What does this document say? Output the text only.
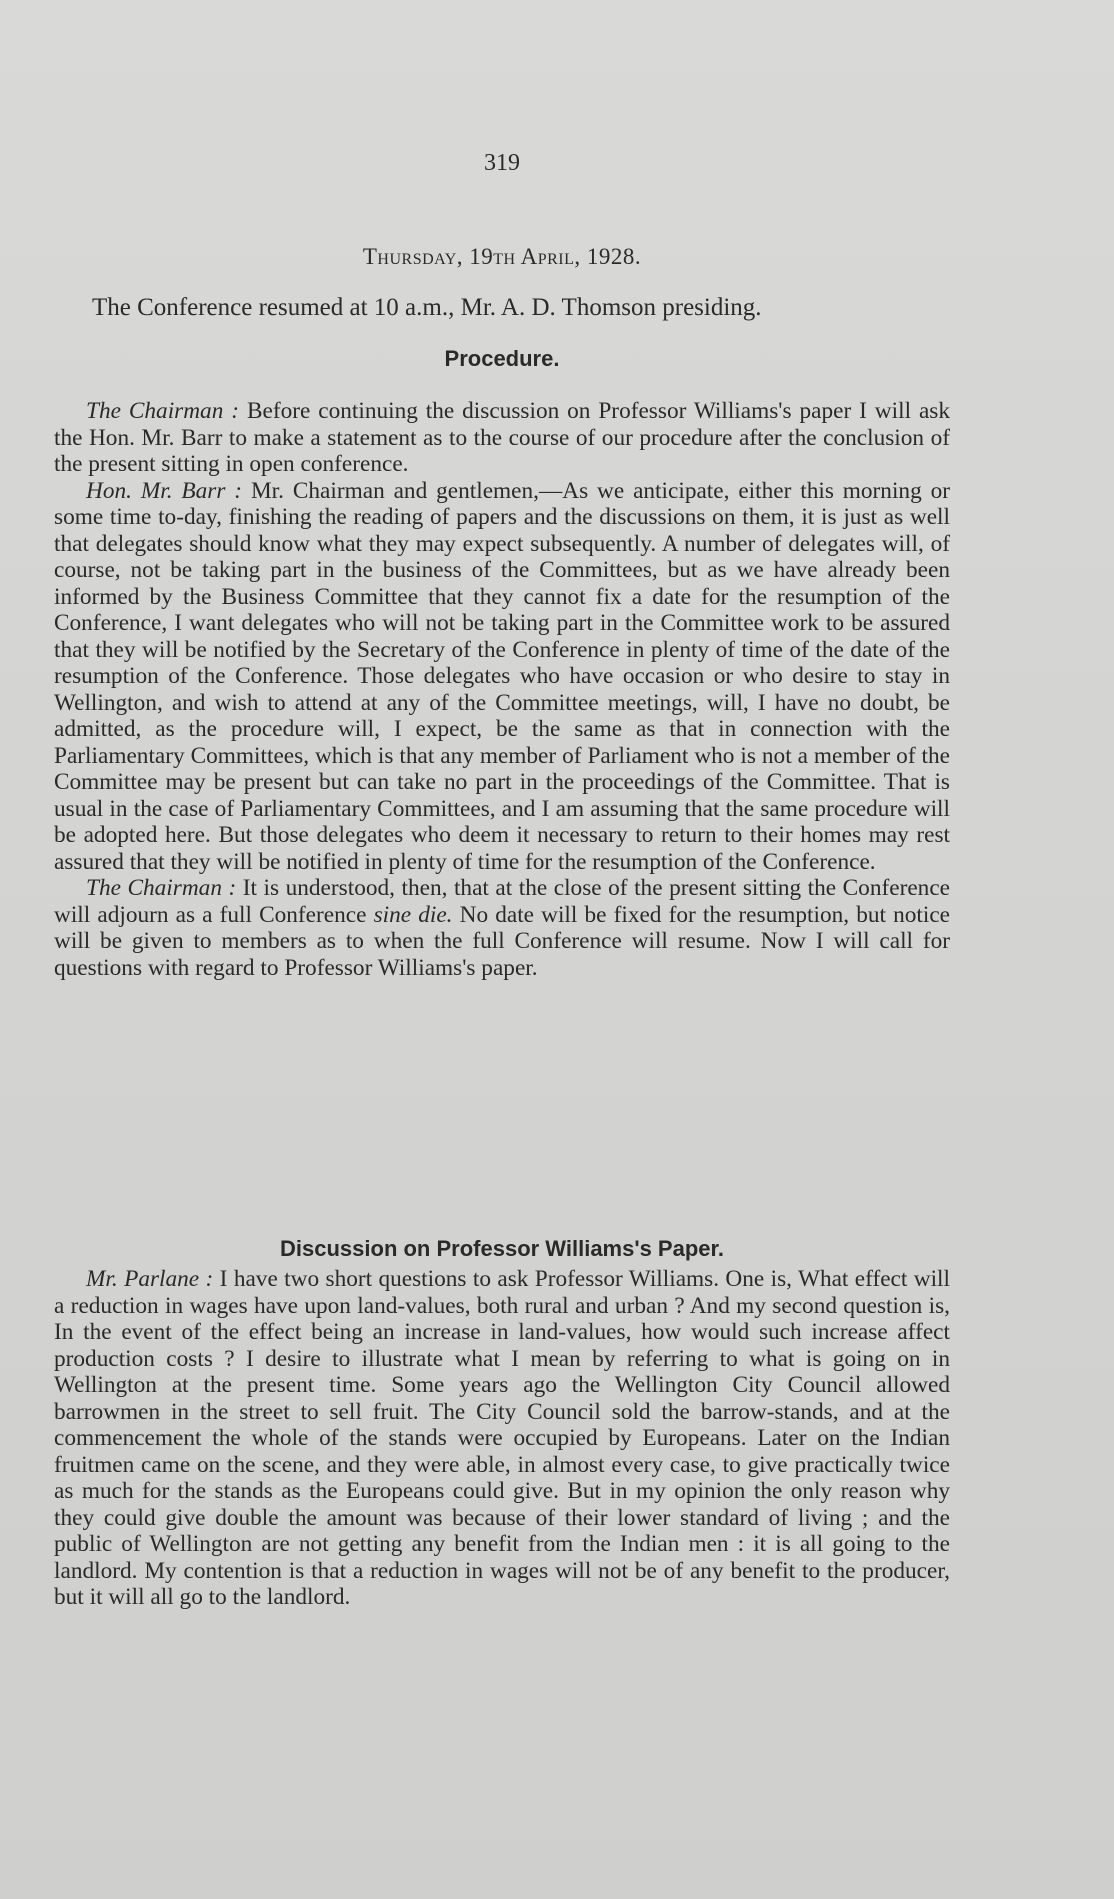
319
Thursday, 19th April, 1928.
The Conference resumed at 10 a.m., Mr. A. D. Thomson presiding.
Procedure.

The Chairman : Before continuing the discussion on Professor Williams's paper I will ask the Hon. Mr. Barr to make a statement as to the course of our procedure after the conclusion of the present sitting in open conference.

Hon. Mr. Barr : Mr. Chairman and gentlemen,—As we anticipate, either this morning or some time to-day, finishing the reading of papers and the discussions on them, it is just as well that delegates should know what they may expect subsequently. A number of delegates will, of course, not be taking part in the business of the Committees, but as we have already been informed by the Business Committee that they cannot fix a date for the resumption of the Conference, I want delegates who will not be taking part in the Committee work to be assured that they will be notified by the Secretary of the Conference in plenty of time of the date of the resumption of the Conference. Those delegates who have occasion or who desire to stay in Wellington, and wish to attend at any of the Committee meetings, will, I have no doubt, be admitted, as the procedure will, I expect, be the same as that in connection with the Parliamentary Committees, which is that any member of Parliament who is not a member of the Committee may be present but can take no part in the proceedings of the Committee. That is usual in the case of Parliamentary Committees, and I am assuming that the same procedure will be adopted here. But those delegates who deem it necessary to return to their homes may rest assured that they will be notified in plenty of time for the resumption of the Conference.

The Chairman : It is understood, then, that at the close of the present sitting the Conference will adjourn as a full Conference sine die. No date will be fixed for the resumption, but notice will be given to members as to when the full Conference will resume. Now I will call for questions with regard to Professor Williams's paper.

Discussion on Professor Williams's Paper.

Mr. Parlane : I have two short questions to ask Professor Williams. One is, What effect will a reduction in wages have upon land-values, both rural and urban ? And my second question is, In the event of the effect being an increase in land-values, how would such increase affect production costs ? I desire to illustrate what I mean by referring to what is going on in Wellington at the present time. Some years ago the Wellington City Council allowed barrowmen in the street to sell fruit. The City Council sold the barrow-stands, and at the commencement the whole of the stands were occupied by Europeans. Later on the Indian fruitmen came on the scene, and they were able, in almost every case, to give practically twice as much for the stands as the Europeans could give. But in my opinion the only reason why they could give double the amount was because of their lower standard of living ; and the public of Wellington are not getting any benefit from the Indian men : it is all going to the landlord. My contention is that a reduction in wages will not be of any benefit to the producer, but it will all go to the landlord.
